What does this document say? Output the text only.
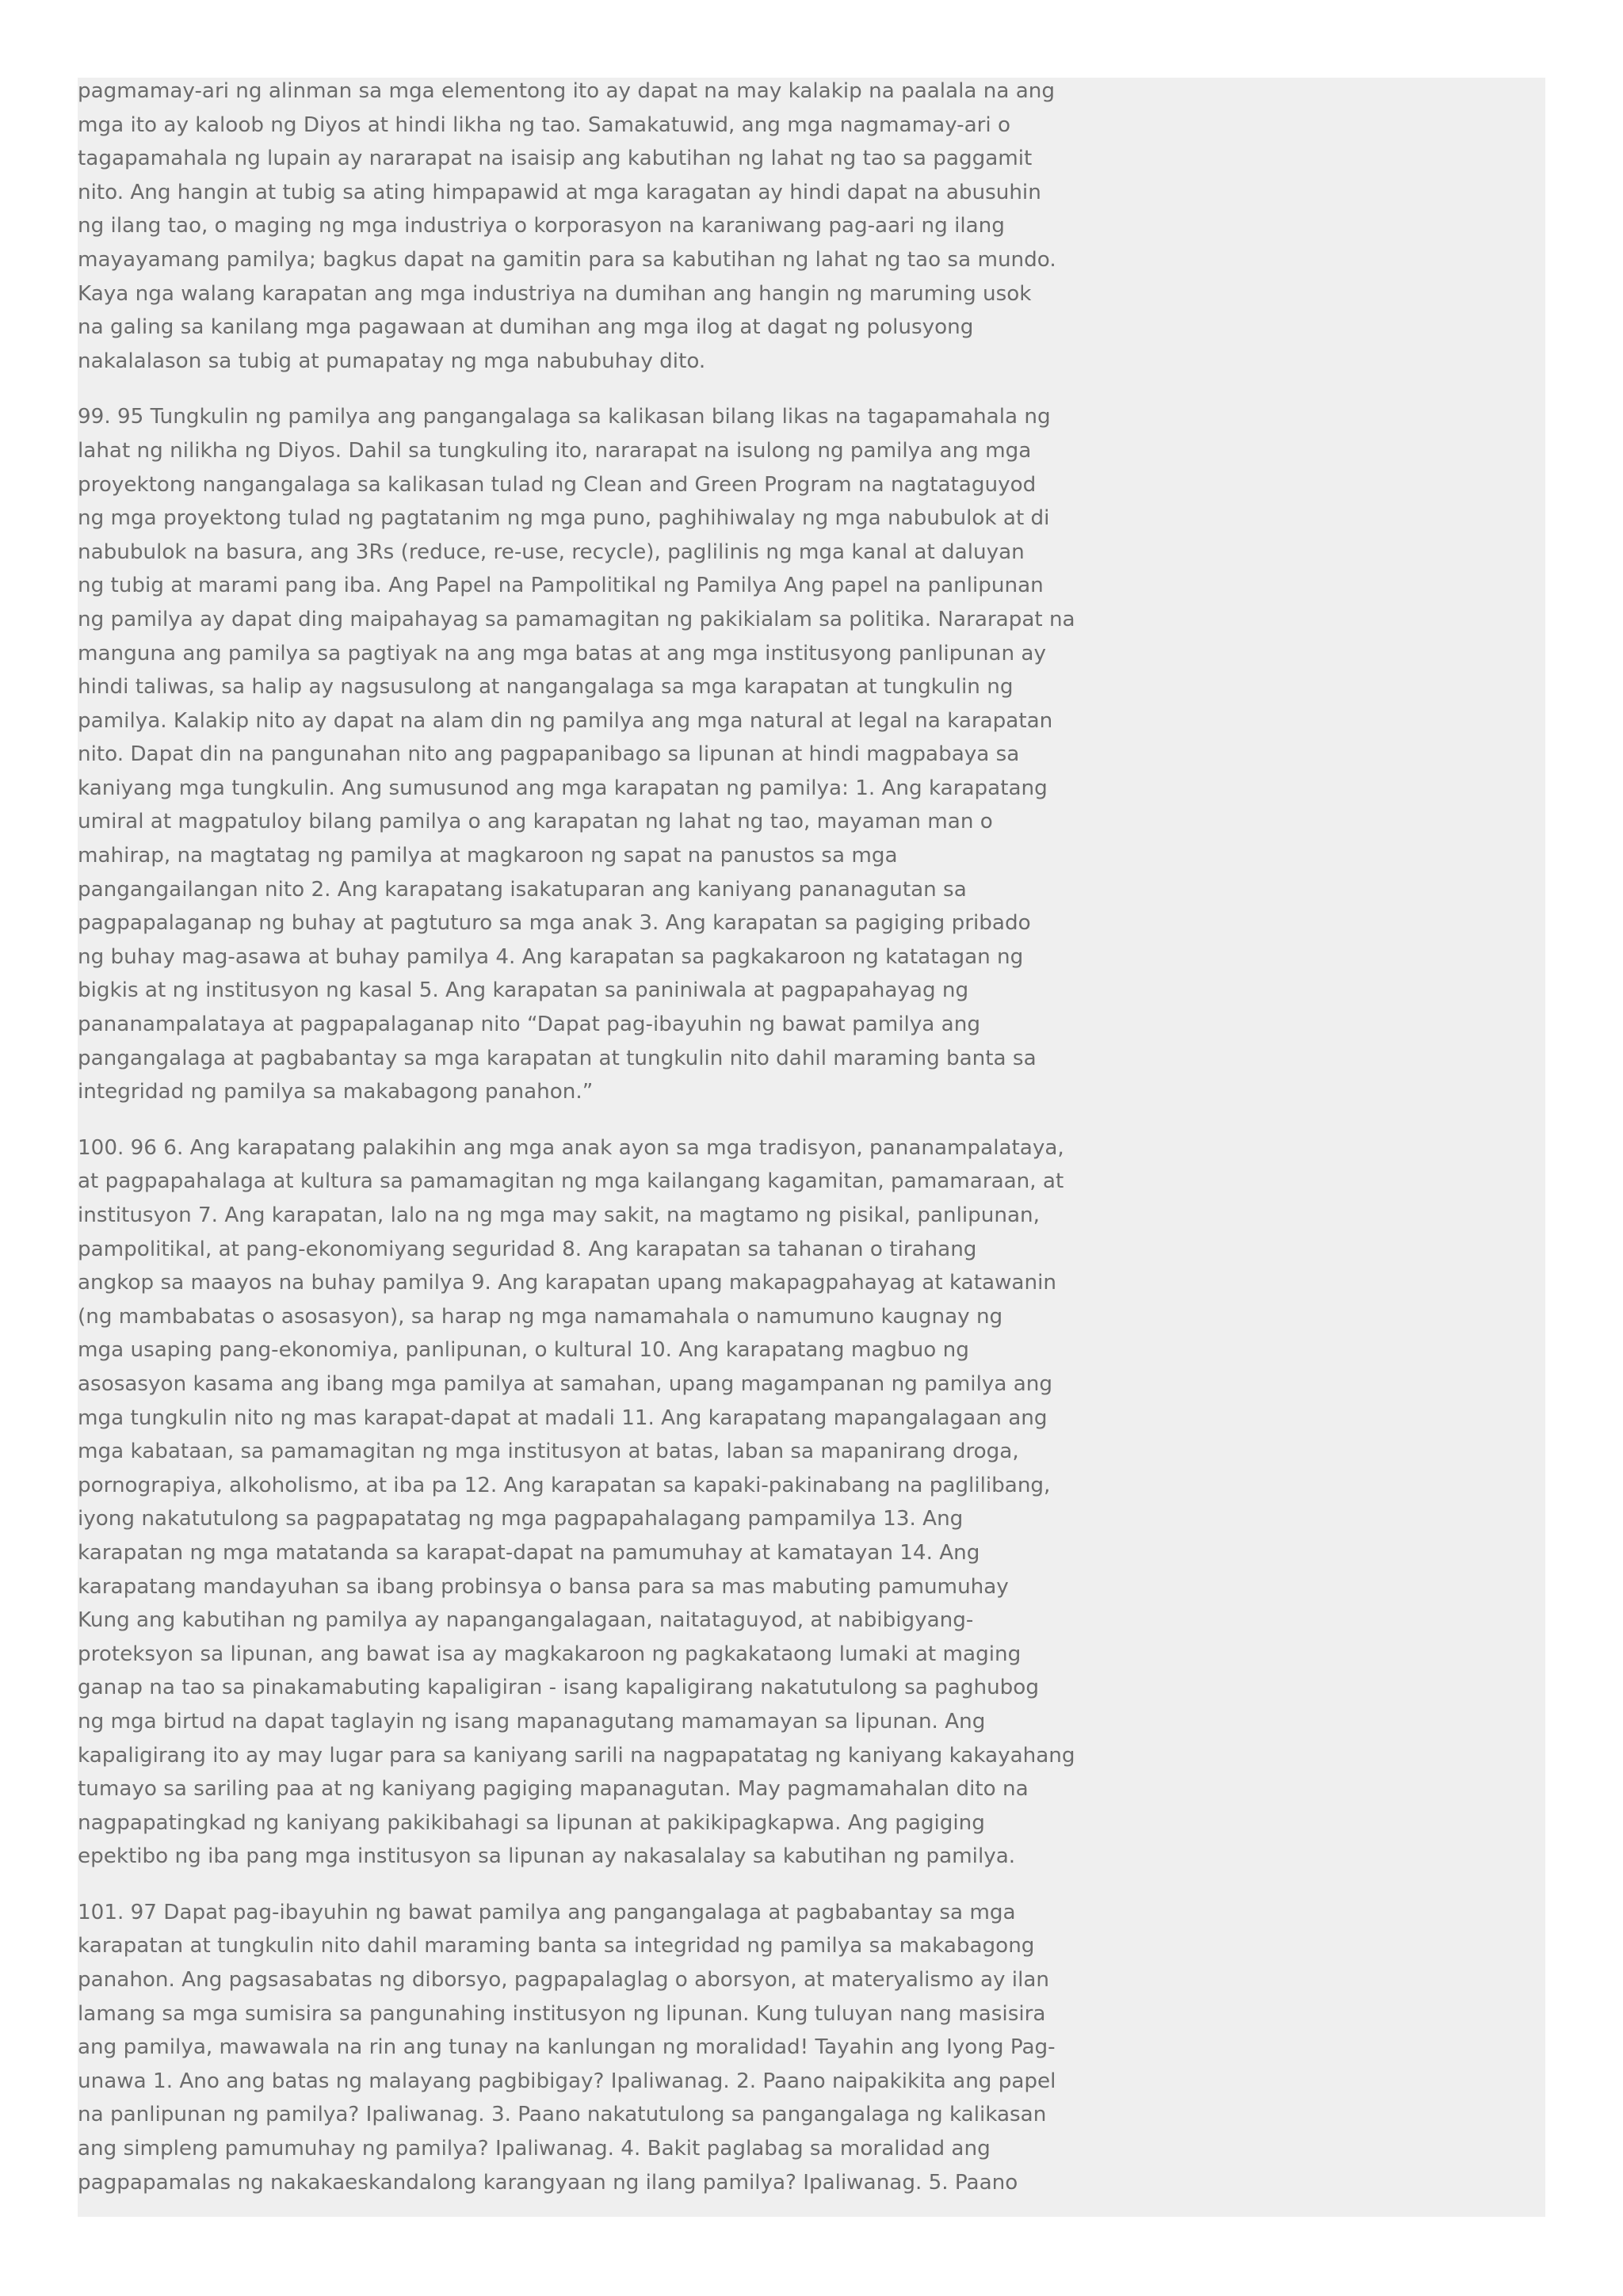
pagmamay-ari ng alinman sa mga elementong ito ay dapat na may kalakip na paalala na ang
mga ito ay kaloob ng Diyos at hindi likha ng tao. Samakatuwid, ang mga nagmamay-ari o
tagapamahala ng lupain ay nararapat na isaisip ang kabutihan ng lahat ng tao sa paggamit
nito. Ang hangin at tubig sa ating himpapawid at mga karagatan ay hindi dapat na abusuhin
ng ilang tao, o maging ng mga industriya o korporasyon na karaniwang pag-aari ng ilang
mayayamang pamilya; bagkus dapat na gamitin para sa kabutihan ng lahat ng tao sa mundo.
Kaya nga walang karapatan ang mga industriya na dumihan ang hangin ng maruming usok
na galing sa kanilang mga pagawaan at dumihan ang mga ilog at dagat ng polusyong
nakalalason sa tubig at pumapatay ng mga nabubuhay dito.

99. 95 Tungkulin ng pamilya ang pangangalaga sa kalikasan bilang likas na tagapamahala ng
lahat ng nilikha ng Diyos. Dahil sa tungkuling ito, nararapat na isulong ng pamilya ang mga
proyektong nangangalaga sa kalikasan tulad ng Clean and Green Program na nagtataguyod
ng mga proyektong tulad ng pagtatanim ng mga puno, paghihiwalay ng mga nabubulok at di
nabubulok na basura, ang 3Rs (reduce, re-use, recycle), paglilinis ng mga kanal at daluyan
ng tubig at marami pang iba. Ang Papel na Pampolitikal ng Pamilya Ang papel na panlipunan
ng pamilya ay dapat ding maipahayag sa pamamagitan ng pakikialam sa politika. Nararapat na
manguna ang pamilya sa pagtiyak na ang mga batas at ang mga institusyong panlipunan ay
hindi taliwas, sa halip ay nagsusulong at nangangalaga sa mga karapatan at tungkulin ng
pamilya. Kalakip nito ay dapat na alam din ng pamilya ang mga natural at legal na karapatan
nito. Dapat din na pangunahan nito ang pagpapanibago sa lipunan at hindi magpabaya sa
kaniyang mga tungkulin. Ang sumusunod ang mga karapatan ng pamilya: 1. Ang karapatang
umiral at magpatuloy bilang pamilya o ang karapatan ng lahat ng tao, mayaman man o
mahirap, na magtatag ng pamilya at magkaroon ng sapat na panustos sa mga
pangangailangan nito 2. Ang karapatang isakatuparan ang kaniyang pananagutan sa
pagpapalaganap ng buhay at pagtuturo sa mga anak 3. Ang karapatan sa pagiging pribado
ng buhay mag-asawa at buhay pamilya 4. Ang karapatan sa pagkakaroon ng katatagan ng
bigkis at ng institusyon ng kasal 5. Ang karapatan sa paniniwala at pagpapahayag ng
pananampalataya at pagpapalaganap nito “Dapat pag-ibayuhin ng bawat pamilya ang
pangangalaga at pagbabantay sa mga karapatan at tungkulin nito dahil maraming banta sa
integridad ng pamilya sa makabagong panahon.”

100. 96 6. Ang karapatang palakihin ang mga anak ayon sa mga tradisyon, pananampalataya,
at pagpapahalaga at kultura sa pamamagitan ng mga kailangang kagamitan, pamamaraan, at
institusyon 7. Ang karapatan, lalo na ng mga may sakit, na magtamo ng pisikal, panlipunan,
pampolitikal, at pang-ekonomiyang seguridad 8. Ang karapatan sa tahanan o tirahang
angkop sa maayos na buhay pamilya 9. Ang karapatan upang makapagpahayag at katawanin
(ng mambabatas o asosasyon), sa harap ng mga namamahala o namumuno kaugnay ng
mga usaping pang-ekonomiya, panlipunan, o kultural 10. Ang karapatang magbuo ng
asosasyon kasama ang ibang mga pamilya at samahan, upang magampanan ng pamilya ang
mga tungkulin nito ng mas karapat-dapat at madali 11. Ang karapatang mapangalagaan ang
mga kabataan, sa pamamagitan ng mga institusyon at batas, laban sa mapanirang droga,
pornograpiya, alkoholismo, at iba pa 12. Ang karapatan sa kapaki-pakinabang na paglilibang,
iyong nakatutulong sa pagpapatatag ng mga pagpapahalagang pampamilya 13. Ang
karapatan ng mga matatanda sa karapat-dapat na pamumuhay at kamatayan 14. Ang
karapatang mandayuhan sa ibang probinsya o bansa para sa mas mabuting pamumuhay
Kung ang kabutihan ng pamilya ay napangangalagaan, naitataguyod, at nabibigyang-
proteksyon sa lipunan, ang bawat isa ay magkakaroon ng pagkakataong lumaki at maging
ganap na tao sa pinakamabuting kapaligiran - isang kapaligirang nakatutulong sa paghubog
ng mga birtud na dapat taglayin ng isang mapanagutang mamamayan sa lipunan. Ang
kapaligirang ito ay may lugar para sa kaniyang sarili na nagpapatatag ng kaniyang kakayahang
tumayo sa sariling paa at ng kaniyang pagiging mapanagutan. May pagmamahalan dito na
nagpapatingkad ng kaniyang pakikibahagi sa lipunan at pakikipagkapwa. Ang pagiging
epektibo ng iba pang mga institusyon sa lipunan ay nakasalalay sa kabutihan ng pamilya.

101. 97 Dapat pag-ibayuhin ng bawat pamilya ang pangangalaga at pagbabantay sa mga
karapatan at tungkulin nito dahil maraming banta sa integridad ng pamilya sa makabagong
panahon. Ang pagsasabatas ng diborsyo, pagpapalaglag o aborsyon, at materyalismo ay ilan
lamang sa mga sumisira sa pangunahing institusyon ng lipunan. Kung tuluyan nang masisira
ang pamilya, mawawala na rin ang tunay na kanlungan ng moralidad! Tayahin ang Iyong Pag-
unawa 1. Ano ang batas ng malayang pagbibigay? Ipaliwanag. 2. Paano naipakikita ang papel
na panlipunan ng pamilya? Ipaliwanag. 3. Paano nakatutulong sa pangangalaga ng kalikasan
ang simpleng pamumuhay ng pamilya? Ipaliwanag. 4. Bakit paglabag sa moralidad ang
pagpapamalas ng nakakaeskandalong karangyaan ng ilang pamilya? Ipaliwanag. 5. Paano
